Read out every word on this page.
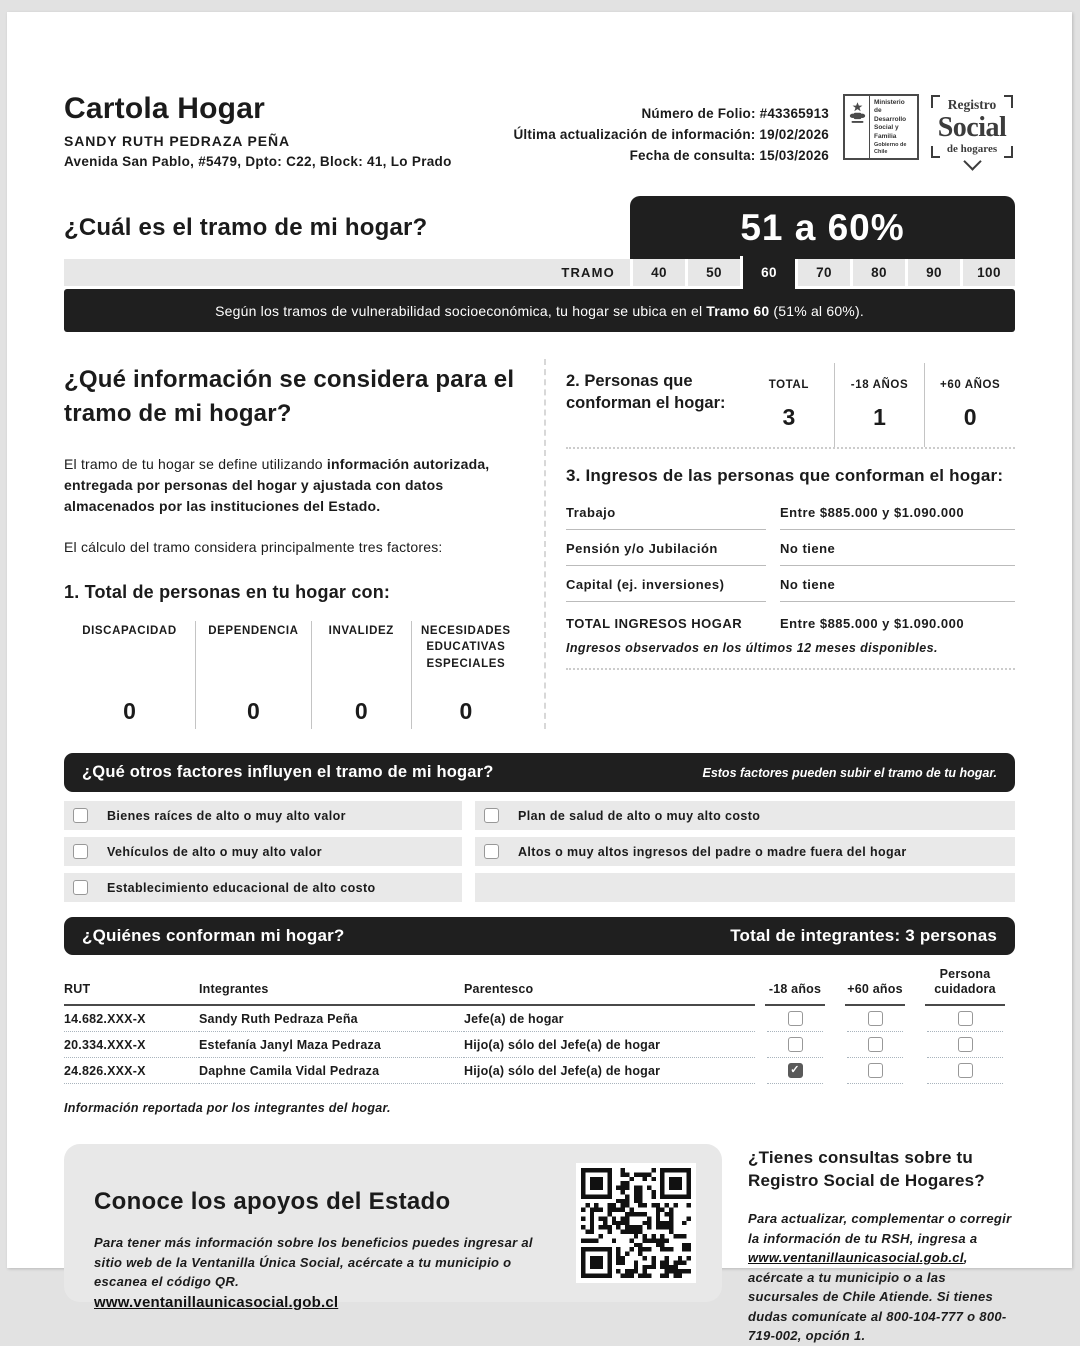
Cartola Hogar
SANDY RUTH PEDRAZA PEÑA
Avenida San Pablo, #5479, Dpto: C22, Block: 41, Lo Prado
Número de Folio: #43365913
Última actualización de información: 19/02/2026
Fecha de consulta: 15/03/2026
Ministerio de Desarrollo Social y Familia
Gobierno de Chile
Registro
Social
de hogares
¿Cuál es el tramo de mi hogar?	51 a 60%
TRAMO	40	50	60	70	80	90	100
Según los tramos de vulnerabilidad socioeconómica, tu hogar se ubica en el Tramo 60 (51% al 60%).
¿Qué información se considera para el tramo de mi hogar?
El tramo de tu hogar se define utilizando información autorizada, entregada por personas del hogar y ajustada con datos almacenados por las instituciones del Estado.
El cálculo del tramo considera principalmente tres factores:
1. Total de personas en tu hogar con:
DISCAPACIDAD
0
DEPENDENCIA
0
INVALIDEZ
0
NECESIDADES EDUCATIVAS ESPECIALES
0
2. Personas que conforman el hogar:
TOTAL
3
-18 AÑOS
1
+60 AÑOS
0
3. Ingresos de las personas que conforman el hogar:
Trabajo	Entre $885.000 y $1.090.000
Pensión y/o Jubilación	No tiene
Capital (ej. inversiones)	No tiene
TOTAL INGRESOS HOGAR	Entre $885.000 y $1.090.000
Ingresos observados en los últimos 12 meses disponibles.
¿Qué otros factores influyen el tramo de mi hogar?	Estos factores pueden subir el tramo de tu hogar.
Bienes raíces de alto o muy alto valor	Plan de salud de alto o muy alto costo
Vehículos de alto o muy alto valor	Altos o muy altos ingresos del padre o madre fuera del hogar
Establecimiento educacional de alto costo
¿Quiénes conforman mi hogar?	Total de integrantes: 3 personas
RUT	Integrantes	Parentesco	-18 años	+60 años
Persona cuidadora
14.682.XXX-X	Sandy Ruth Pedraza Peña	Jefe(a) de hogar
20.334.XXX-X	Estefanía Janyl Maza Pedraza	Hijo(a) sólo del Jefe(a) de hogar
24.826.XXX-X	Daphne Camila Vidal Pedraza	Hijo(a) sólo del Jefe(a) de hogar	✓
Información reportada por los integrantes del hogar.
Conoce los apoyos del Estado
Para tener más información sobre los beneficios puedes ingresar al sitio web de la Ventanilla Única Social, acércate a tu municipio o escanea el código QR.
www.ventanillaunicasocial.gob.cl
¿Tienes consultas sobre tu Registro Social de Hogares?
Para actualizar, complementar o corregir la información de tu RSH, ingresa a www.ventanillaunicasocial.gob.cl, acércate a tu municipio o a las sucursales de Chile Atiende. Si tienes dudas comunícate al 800-104-777 o 800-719-002, opción 1.
